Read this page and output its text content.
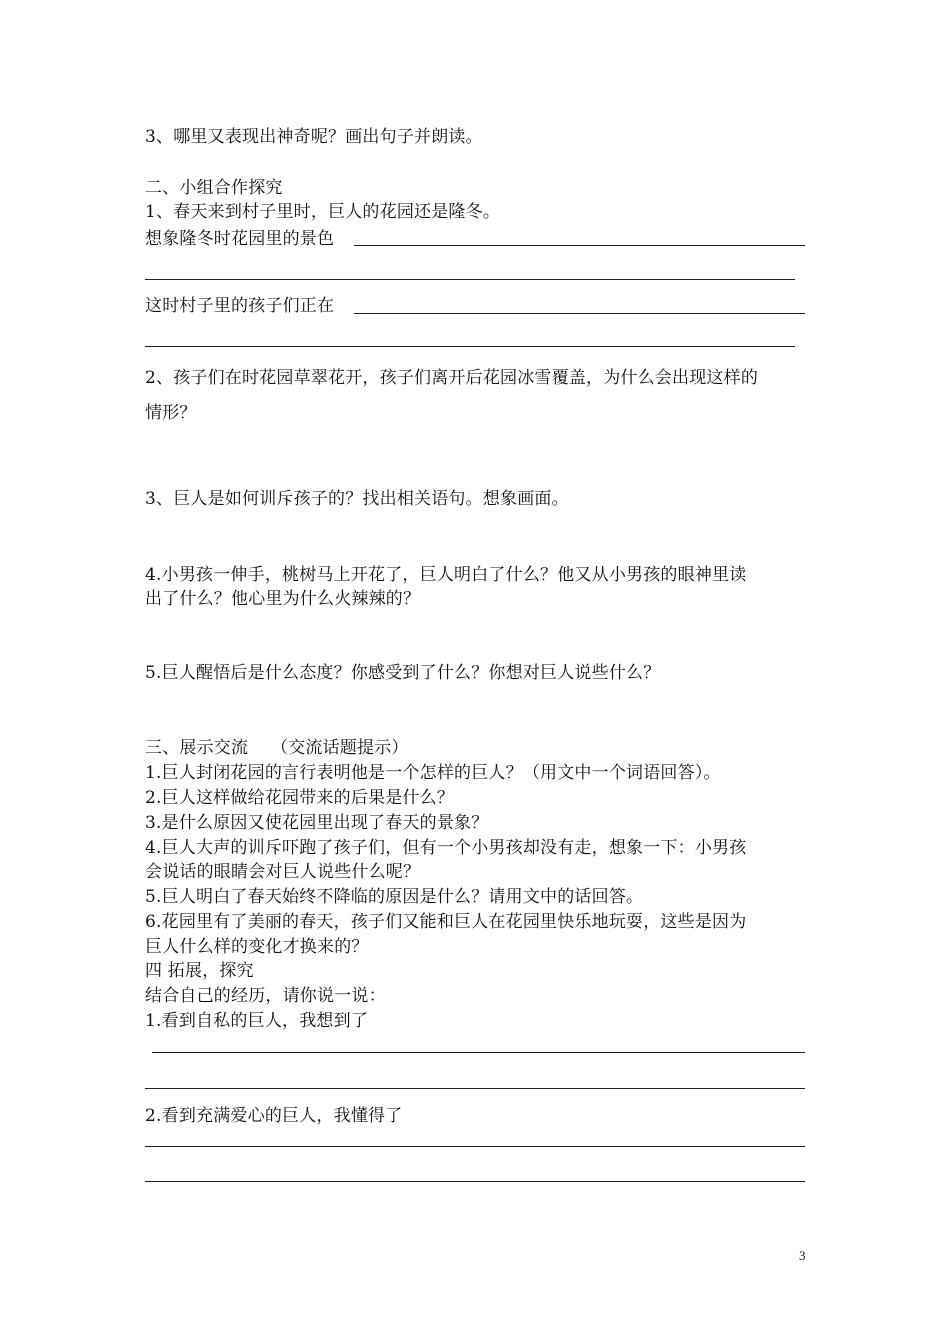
3、哪里又表现出神奇呢？画出句子并朗读。
二、小组合作探究
1、春天来到村子里时，巨人的花园还是隆冬。
想象隆冬时花园里的景色
这时村子里的孩子们正在
2、孩子们在时花园草翠花开，孩子们离开后花园冰雪覆盖，为什么会出现这样的
情形？
3、巨人是如何训斥孩子的？找出相关语句。想象画面。
4.小男孩一伸手，桃树马上开花了，巨人明白了什么？他又从小男孩的眼神里读
出了什么？他心里为什么火辣辣的？
5.巨人醒悟后是什么态度？你感受到了什么？你想对巨人说些什么？
三、展示交流　 （交流话题提示）
1.巨人封闭花园的言行表明他是一个怎样的巨人？（用文中一个词语回答）。
2.巨人这样做给花园带来的后果是什么？
3.是什么原因又使花园里出现了春天的景象？
4.巨人大声的训斥吓跑了孩子们，但有一个小男孩却没有走，想象一下：小男孩
会说话的眼睛会对巨人说些什么呢？
5.巨人明白了春天始终不降临的原因是什么？请用文中的话回答。
6.花园里有了美丽的春天，孩子们又能和巨人在花园里快乐地玩耍，这些是因为
巨人什么样的变化才换来的？
四 拓展，探究
结合自己的经历，请你说一说：
1.看到自私的巨人，我想到了
2.看到充满爱心的巨人，我懂得了
3
